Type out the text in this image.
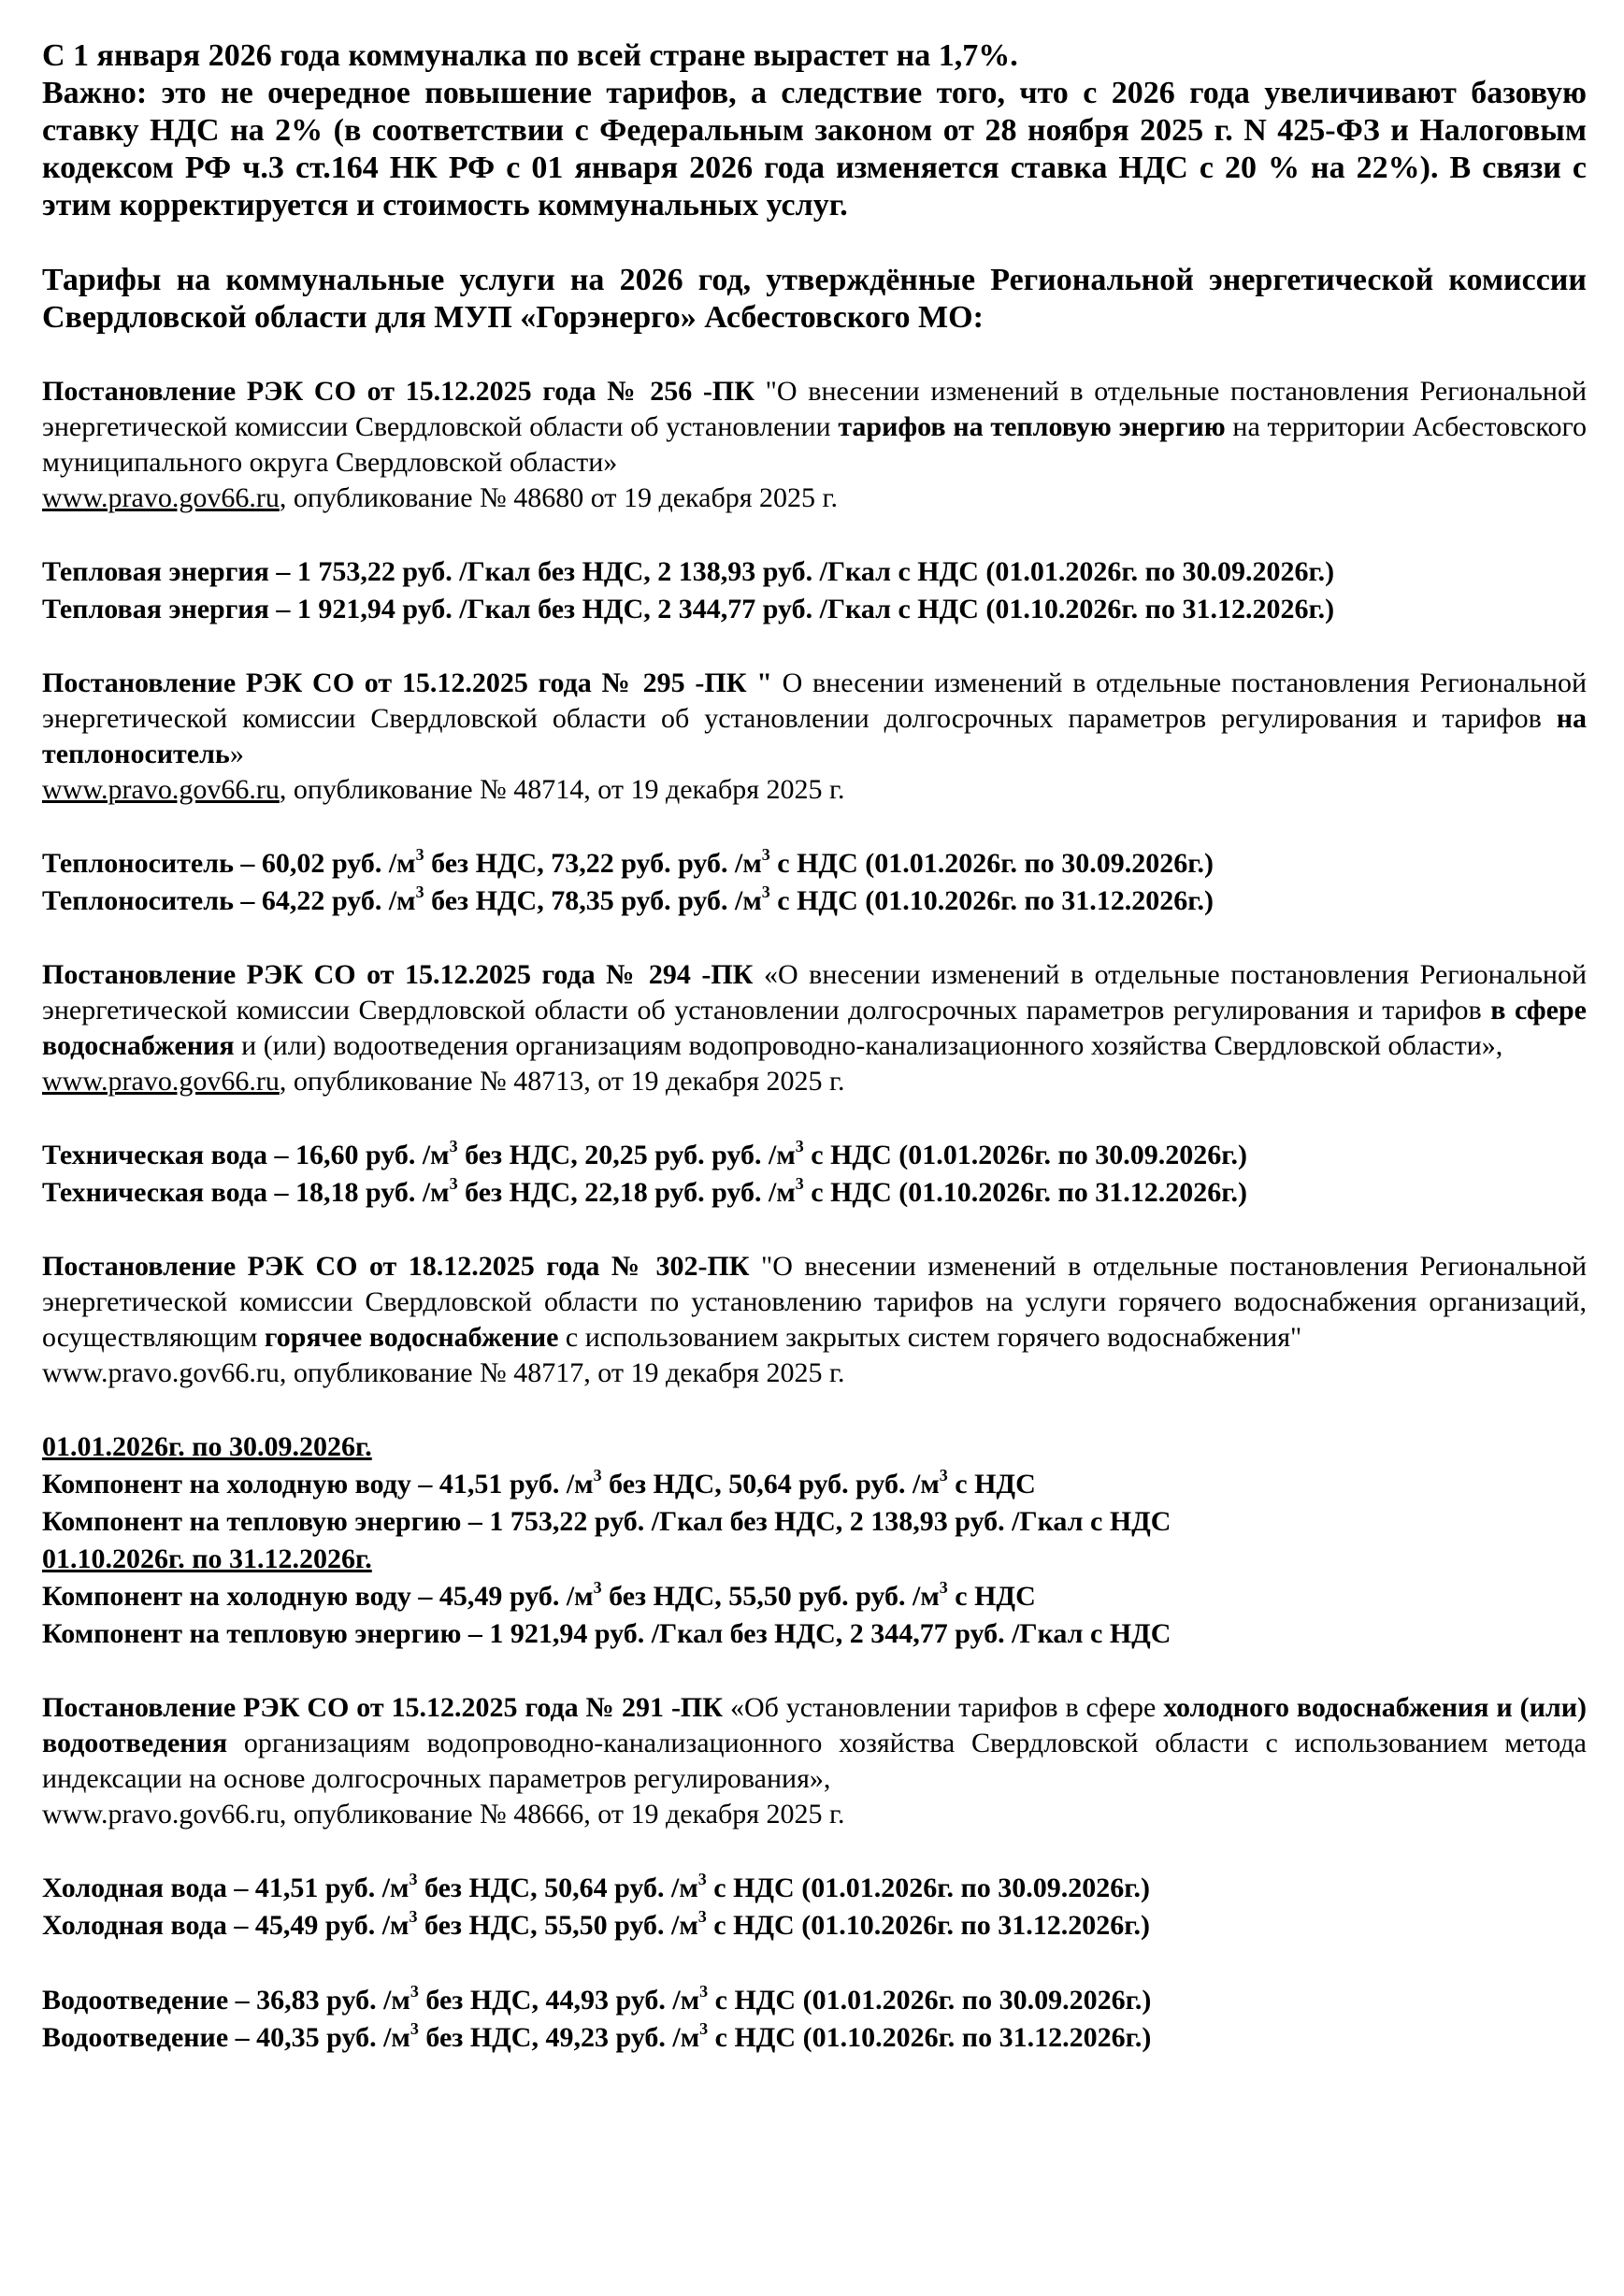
С 1 января 2026 года коммуналка по всей стране вырастет на 1,7%.

Важно: это не очередное повышение тарифов, а следствие того, что с 2026 года увеличивают базовую ставку НДС на 2% (в соответствии с Федеральным законом от 28 ноября 2025 г. N 425-ФЗ и Налоговым кодексом РФ ч.3 ст.164 НК РФ с 01 января 2026 года изменяется ставка НДС с 20 % на 22%). В связи с этим корректируется и стоимость коммунальных услуг.

Тарифы на коммунальные услуги на 2026 год, утверждённые Региональной энергетической комиссии Свердловской области для МУП «Горэнерго» Асбестовского МО:

Постановление РЭК СО от 15.12.2025 года № 256 -ПК "О внесении изменений в отдельные постановления Региональной энергетической комиссии Свердловской области об установлении тарифов на тепловую энергию на территории Асбестовского муниципального округа Свердловской области»

www.pravo.gov66.ru, опубликование № 48680 от 19 декабря 2025 г.

Тепловая энергия – 1 753,22 руб. /Гкал без НДС, 2 138,93 руб. /Гкал с НДС (01.01.2026г. по 30.09.2026г.)
Тепловая энергия – 1 921,94 руб. /Гкал без НДС, 2 344,77 руб. /Гкал с НДС (01.10.2026г. по 31.12.2026г.)

Постановление РЭК СО от 15.12.2025 года № 295 -ПК " О внесении изменений в отдельные постановления Региональной энергетической комиссии Свердловской области об установлении долгосрочных параметров регулирования и тарифов на теплоноситель»

www.pravo.gov66.ru, опубликование № 48714, от 19 декабря 2025 г.

Теплоноситель – 60,02 руб. $/м^3$ без НДС, 73,22 руб. руб. $/м^3$ с НДС (01.01.2026г. по 30.09.2026г.)
Теплоноситель – 64,22 руб. $/м^3$ без НДС, 78,35 руб. руб. $/м^3$ с НДС (01.10.2026г. по 31.12.2026г.)

Постановление РЭК СО от 15.12.2025 года № 294 -ПК «О внесении изменений в отдельные постановления Региональной энергетической комиссии Свердловской области об установлении долгосрочных параметров регулирования и тарифов в сфере водоснабжения и (или) водоотведения организациям водопроводно-канализационного хозяйства Свердловской области»,

www.pravo.gov66.ru, опубликование № 48713, от 19 декабря 2025 г.

Техническая вода – 16,60 руб. $/м^3$ без НДС, 20,25 руб. руб. $/м^3$ с НДС (01.01.2026г. по 30.09.2026г.)
Техническая вода – 18,18 руб. $/м^3$ без НДС, 22,18 руб. руб. $/м^3$ с НДС (01.10.2026г. по 31.12.2026г.)

Постановление РЭК СО от 18.12.2025 года № 302-ПК "О внесении изменений в отдельные постановления Региональной энергетической комиссии Свердловской области по установлению тарифов на услуги горячего водоснабжения организаций, осуществляющим горячее водоснабжение с использованием закрытых систем горячего водоснабжения"

www.pravo.gov66.ru, опубликование № 48717, от 19 декабря 2025 г.

01.01.2026г. по 30.09.2026г.
Компонент на холодную воду – 41,51 руб. $/м^3$ без НДС, 50,64 руб. руб. $/м^3$ с НДС
Компонент на тепловую энергию – 1 753,22 руб. /Гкал без НДС, 2 138,93 руб. /Гкал с НДС
01.10.2026г. по 31.12.2026г.
Компонент на холодную воду – 45,49 руб. $/м^3$ без НДС, 55,50 руб. руб. $/м^3$ с НДС
Компонент на тепловую энергию – 1 921,94 руб. /Гкал без НДС, 2 344,77 руб. /Гкал с НДС

Постановление РЭК СО от 15.12.2025 года № 291 -ПК «Об установлении тарифов в сфере холодного водоснабжения и (или) водоотведения организациям водопроводно-канализационного хозяйства Свердловской области с использованием метода индексации на основе долгосрочных параметров регулирования»,

www.pravo.gov66.ru, опубликование № 48666, от 19 декабря 2025 г.

Холодная вода – 41,51 руб. $/м^3$ без НДС, 50,64 руб. $/м^3$ с НДС (01.01.2026г. по 30.09.2026г.)
Холодная вода – 45,49 руб. $/м^3$ без НДС, 55,50 руб. $/м^3$ с НДС (01.10.2026г. по 31.12.2026г.)
Водоотведение – 36,83 руб. $/м^3$ без НДС, 44,93 руб. $/м^3$ с НДС (01.01.2026г. по 30.09.2026г.)
Водоотведение – 40,35 руб. $/м^3$ без НДС, 49,23 руб. $/м^3$ с НДС (01.10.2026г. по 31.12.2026г.)
